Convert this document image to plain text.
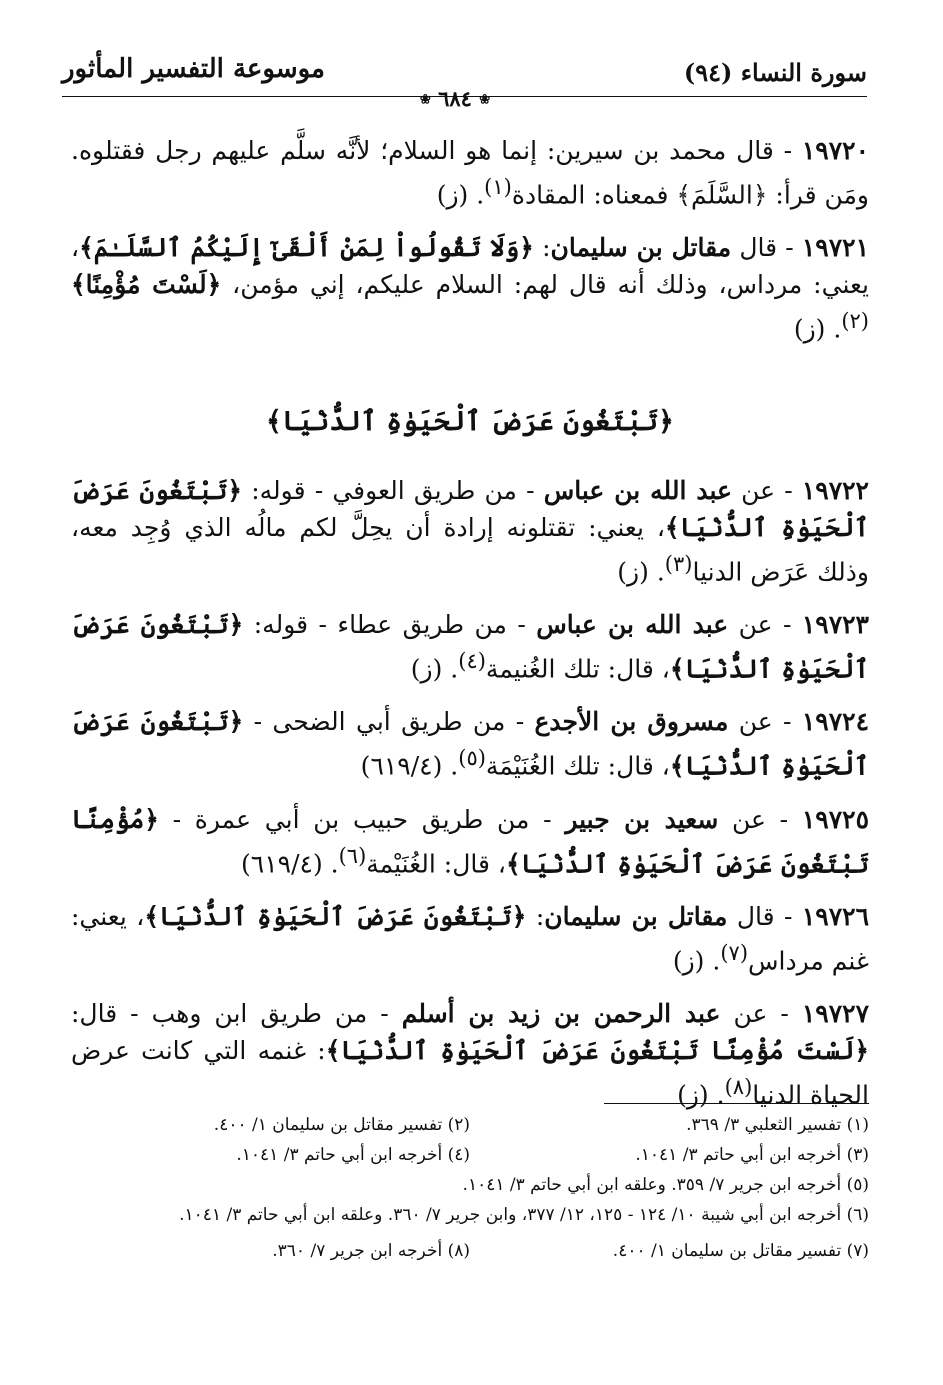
سورة النساء (٩٤)
موسوعة التفسير المأثور
❀ ٦٨٤ ❀

١٩٧٢٠ - قال محمد بن سيرين: إنما هو السلام؛ لأنَّه سلَّم عليهم رجل فقتلوه. ومَن قرأ: ﴿السَّلَمَ﴾ فمعناه: المقادة$^{(١)}$. (ز)

١٩٧٢١ - قال مقاتل بن سليمان: ﴿وَلَا تَقُولُواْ لِمَنْ أَلْقَىٰٓ إِلَيْكُمُ ٱلسَّلَـٰمَ﴾، يعني: مرداس، وذلك أنه قال لهم: السلام عليكم، إني مؤمن، ﴿لَسْتَ مُؤْمِنًا﴾$^{(٢)}$. (ز)

﴿تَبْتَغُونَ عَرَضَ ٱلْحَيَوٰةِ ٱلدُّنْيَا﴾

١٩٧٢٢ - عن عبد الله بن عباس - من طريق العوفي - قوله: ﴿تَبْتَغُونَ عَرَضَ ٱلْحَيَوٰةِ ٱلدُّنْيَا﴾، يعني: تقتلونه إرادة أن يحِلَّ لكم مالُه الذي وُجِد معه، وذلك عَرَض الدنيا$^{(٣)}$. (ز)

١٩٧٢٣ - عن عبد الله بن عباس - من طريق عطاء - قوله: ﴿تَبْتَغُونَ عَرَضَ ٱلْحَيَوٰةِ ٱلدُّنْيَا﴾، قال: تلك الغُنيمة$^{(٤)}$. (ز)

١٩٧٢٤ - عن مسروق بن الأجدع - من طريق أبي الضحى - ﴿تَبْتَغُونَ عَرَضَ ٱلْحَيَوٰةِ ٱلدُّنْيَا﴾، قال: تلك الغُنَيْمَة$^{(٥)}$. (٦١٩/٤)

١٩٧٢٥ - عن سعيد بن جبير - من طريق حبيب بن أبي عمرة - ﴿مُؤْمِنًا تَبْتَغُونَ عَرَضَ ٱلْحَيَوٰةِ ٱلدُّنْيَا﴾، قال: الغُنَيْمة$^{(٦)}$. (٦١٩/٤)

١٩٧٢٦ - قال مقاتل بن سليمان: ﴿تَبْتَغُونَ عَرَضَ ٱلْحَيَوٰةِ ٱلدُّنْيَا﴾، يعني: غنم مرداس$^{(٧)}$. (ز)

١٩٧٢٧ - عن عبد الرحمن بن زيد بن أسلم - من طريق ابن وهب - قال: ﴿لَسْتَ مُؤْمِنًا تَبْتَغُونَ عَرَضَ ٱلْحَيَوٰةِ ٱلدُّنْيَا﴾: غنمه التي كانت عرض الحياة الدنيا$^{(٨)}$. (ز)

(١) تفسير الثعلبي ٣/ ٣٦٩.
(٢) تفسير مقاتل بن سليمان ١/ ٤٠٠.
(٣) أخرجه ابن أبي حاتم ٣/ ١٠٤١.
(٤) أخرجه ابن أبي حاتم ٣/ ١٠٤١.
(٥) أخرجه ابن جرير ٧/ ٣٥٩. وعلقه ابن أبي حاتم ٣/ ١٠٤١.
(٦) أخرجه ابن أبي شيبة ١٠/ ١٢٤ - ١٢٥، ١٢/ ٣٧٧، وابن جرير ٧/ ٣٦٠. وعلقه ابن أبي حاتم ٣/ ١٠٤١.
(٧) تفسير مقاتل بن سليمان ١/ ٤٠٠.
(٨) أخرجه ابن جرير ٧/ ٣٦٠.
